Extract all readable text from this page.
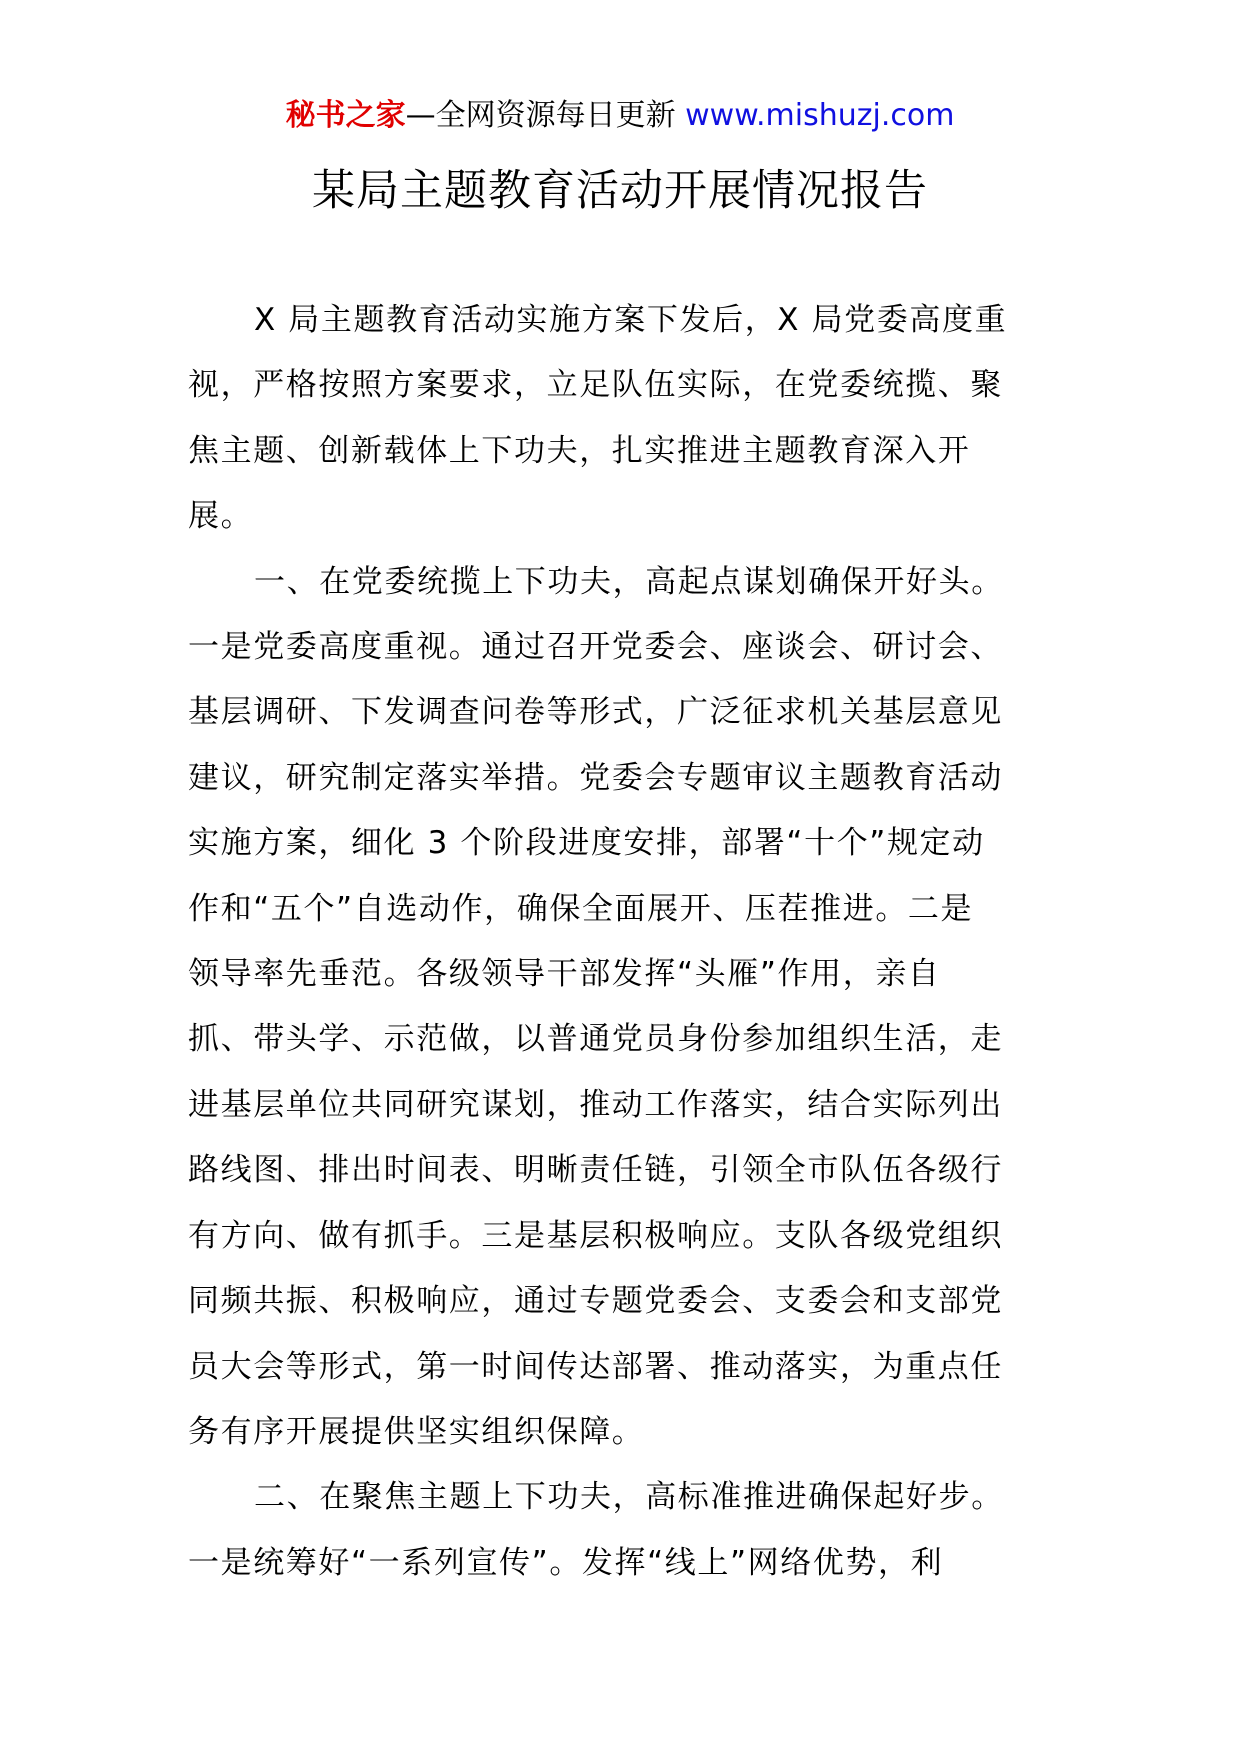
秘书之家—全网资源每日更新 www.mishuzj.com
某局主题教育活动开展情况报告

X 局主题教育活动实施方案下发后，X 局党委高度重
视，严格按照方案要求，立足队伍实际，在党委统揽、聚
焦主题、创新载体上下功夫，扎实推进主题教育深入开
展。

一、在党委统揽上下功夫，高起点谋划确保开好头。
一是党委高度重视。通过召开党委会、座谈会、研讨会、
基层调研、下发调查问卷等形式，广泛征求机关基层意见
建议，研究制定落实举措。党委会专题审议主题教育活动
实施方案，细化 3 个阶段进度安排，部署“十个”规定动
作和“五个”自选动作，确保全面展开、压茬推进。二是
领导率先垂范。各级领导干部发挥“头雁”作用，亲自
抓、带头学、示范做，以普通党员身份参加组织生活，走
进基层单位共同研究谋划，推动工作落实，结合实际列出
路线图、排出时间表、明晰责任链，引领全市队伍各级行
有方向、做有抓手。三是基层积极响应。支队各级党组织
同频共振、积极响应，通过专题党委会、支委会和支部党
员大会等形式，第一时间传达部署、推动落实，为重点任
务有序开展提供坚实组织保障。

二、在聚焦主题上下功夫，高标准推进确保起好步。
一是统筹好“一系列宣传”。发挥“线上”网络优势，利
